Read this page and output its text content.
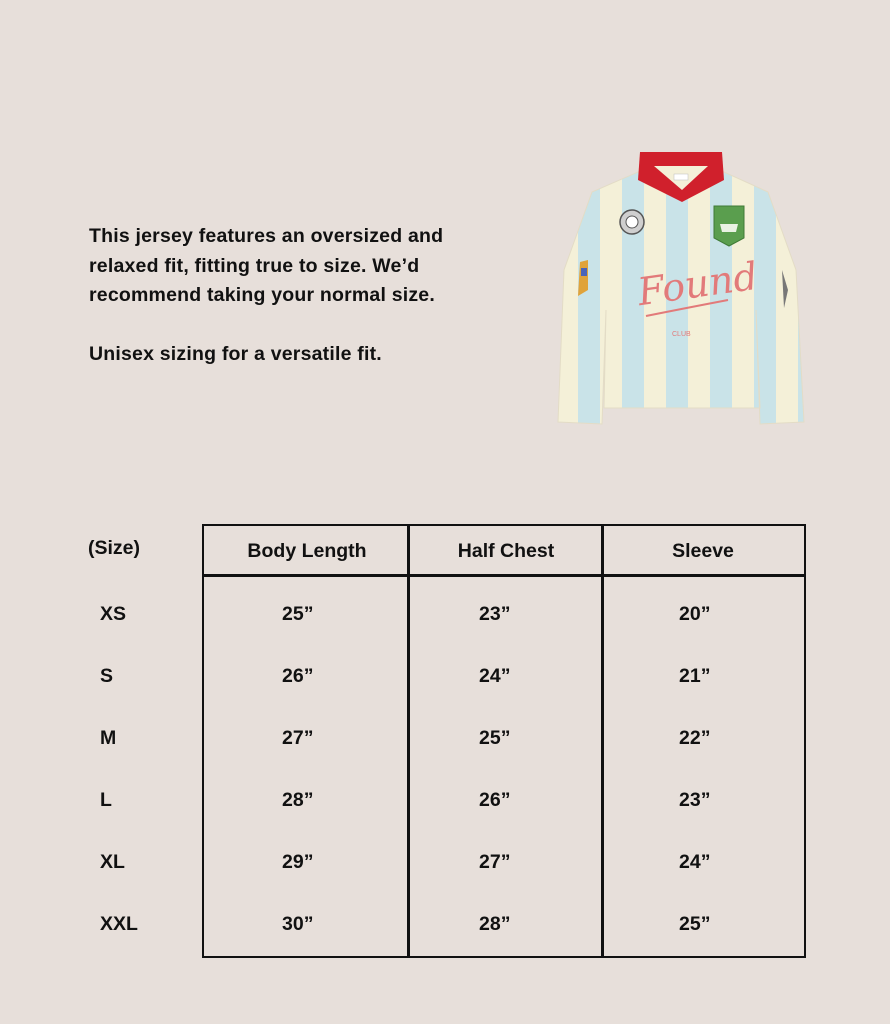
This jersey features an oversized and relaxed fit, fitting true to size. We’d recommend taking your normal size.

Unisex sizing for a versatile fit.

Found
CLUB
(Size)
XS
S
M
L
XL
XXL
Body Length	Half Chest	Sleeve
25”
26”
27”
28”
29”
30”
23”
24”
25”
26”
27”
28”
20”
21”
22”
23”
24”
25”
